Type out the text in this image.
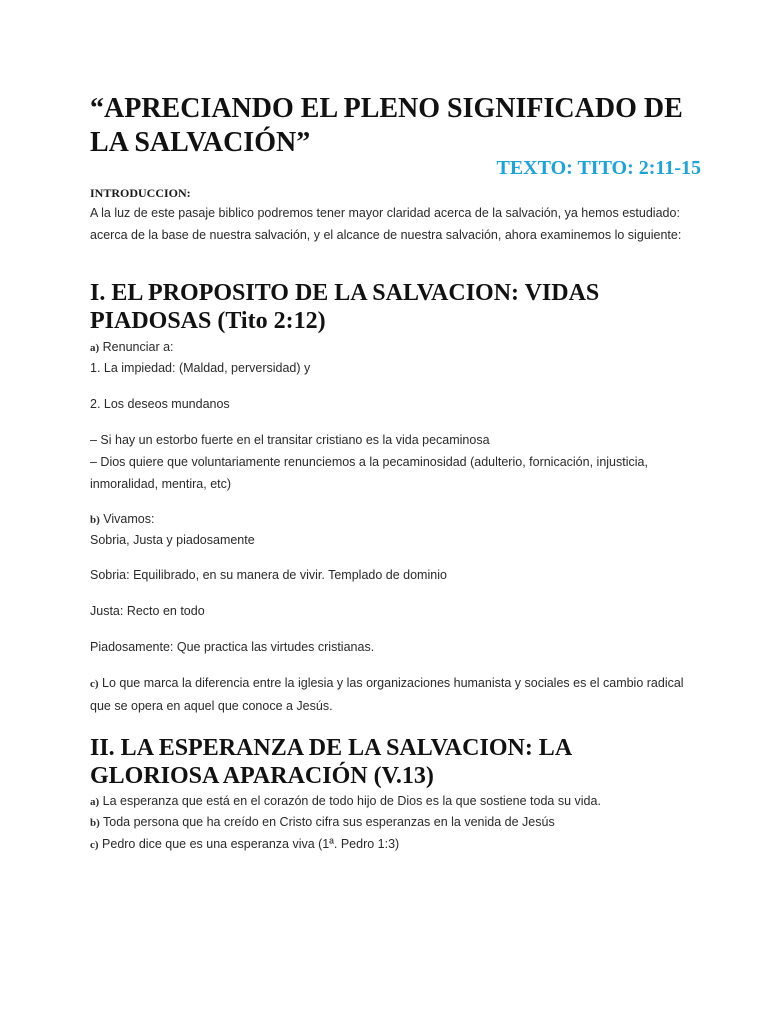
“APRECIANDO EL PLENO SIGNIFICADO DE LA SALVACIÓN”

TEXTO: TITO: 2:11-15

INTRODUCCION:

A la luz de este pasaje biblico podremos tener mayor claridad acerca de la salvación, ya hemos estudiado: acerca de la base de nuestra salvación, y el alcance de nuestra salvación, ahora examinemos lo siguiente:

I. EL PROPOSITO DE LA SALVACION: VIDAS PIADOSAS (Tito 2:12)

a) Renunciar a:

1. La impiedad: (Maldad, perversidad) y

2. Los deseos mundanos

– Si hay un estorbo fuerte en el transitar cristiano es la vida pecaminosa

– Dios quiere que voluntariamente renunciemos a la pecaminosidad (adulterio, fornicación, injusticia, inmoralidad, mentira, etc)

b) Vivamos:

Sobria, Justa y piadosamente

Sobria: Equilibrado, en su manera de vivir. Templado de dominio

Justa: Recto en todo

Piadosamente: Que practica las virtudes cristianas.

c) Lo que marca la diferencia entre la iglesia y las organizaciones humanista y sociales es el cambio radical que se opera en aquel que conoce a Jesús.

II. LA ESPERANZA DE LA SALVACION: LA GLORIOSA APARACIÓN (V.13)

a) La esperanza que está en el corazón de todo hijo de Dios es la que sostiene toda su vida.

b) Toda persona que ha creído en Cristo cifra sus esperanzas en la venida de Jesús

c) Pedro dice que es una esperanza viva (1ª. Pedro 1:3)
